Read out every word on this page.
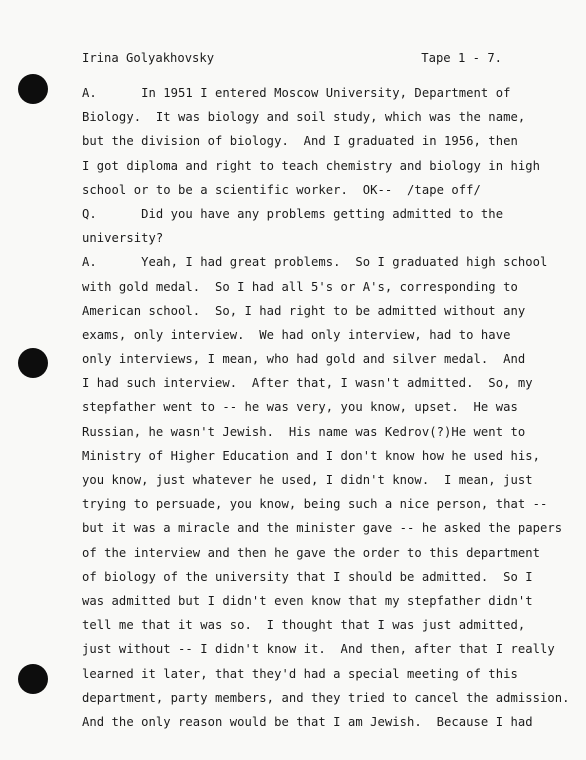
Irina Golyakhovsky	Tape 1 - 7.
A.      In 1951 I entered Moscow University, Department of
Biology.  It was biology and soil study, which was the name,
but the division of biology.  And I graduated in 1956, then
I got diploma and right to teach chemistry and biology in high
school or to be a scientific worker.  OK--  /tape off/
Q.      Did you have any problems getting admitted to the
university?
A.      Yeah, I had great problems.  So I graduated high school
with gold medal.  So I had all 5's or A's, corresponding to
American school.  So, I had right to be admitted without any
exams, only interview.  We had only interview, had to have
only interviews, I mean, who had gold and silver medal.  And
I had such interview.  After that, I wasn't admitted.  So, my
stepfather went to -- he was very, you know, upset.  He was
Russian, he wasn't Jewish.  His name was Kedrov(?)He went to
Ministry of Higher Education and I don't know how he used his,
you know, just whatever he used, I didn't know.  I mean, just
trying to persuade, you know, being such a nice person, that --
but it was a miracle and the minister gave -- he asked the papers
of the interview and then he gave the order to this department
of biology of the university that I should be admitted.  So I
was admitted but I didn't even know that my stepfather didn't
tell me that it was so.  I thought that I was just admitted,
just without -- I didn't know it.  And then, after that I really
learned it later, that they'd had a special meeting of this
department, party members, and they tried to cancel the admission.
And the only reason would be that I am Jewish.  Because I had
